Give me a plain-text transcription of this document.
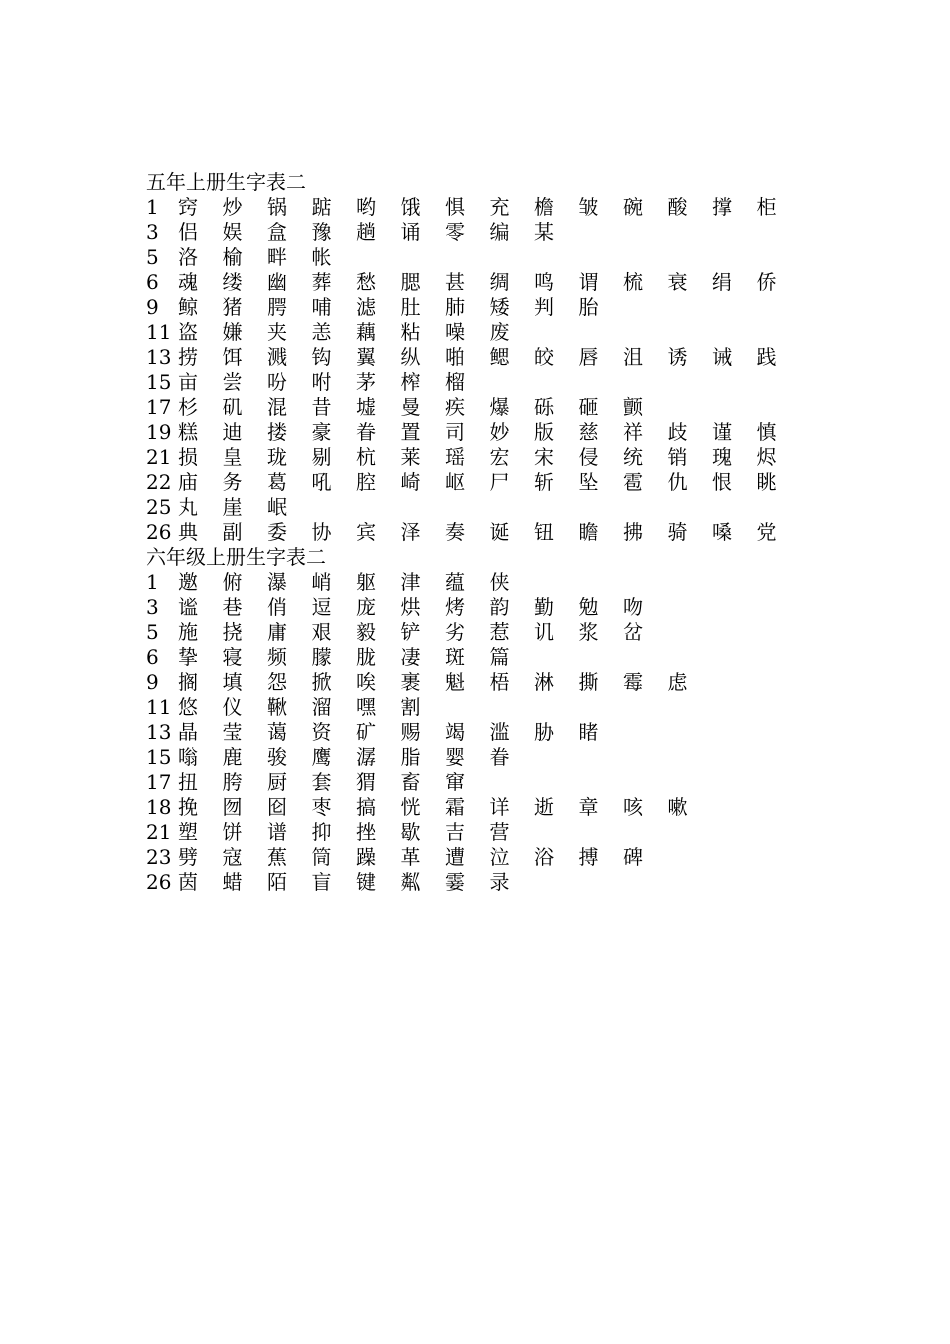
五年上册生字表二
1 窍 炒 锅 踮 哟 饿 惧 充 檐 皱 碗 酸 撑 柜
3 侣 娱 盒 豫 趟 诵 零 编 某
5 洛 榆 畔 帐
6 魂 缕 幽 葬 愁 腮 甚 绸 鸣 谓 梳 衰 绢 侨
9 鲸 猪 腭 哺 滤 肚 肺 矮 判 胎
11 盗 嫌 夹 恙 藕 粘 噪 废
13 捞 饵 溅 钩 翼 纵 啪 鳃 皎 唇 沮 诱 诫 践
15 亩 尝 吩 咐 茅 榨 榴
17 杉 矶 混 昔 墟 曼 疾 爆 砾 砸 颤
19 糕 迪 搂 豪 眷 置 司 妙 版 慈 祥 歧 谨 慎
21 损 皇 珑 剔 杭 莱 瑶 宏 宋 侵 统 销 瑰 烬
22 庙 务 葛 吼 腔 崎 岖 尸 斩 坠 雹 仇 恨 眺
25 丸 崖 岷
26 典 副 委 协 宾 泽 奏 诞 钮 瞻 拂 骑 嗓 党
六年级上册生字表二
1 邀 俯 瀑 峭 躯 津 蕴 侠
3 谧 巷 俏 逗 庞 烘 烤 韵 勤 勉 吻
5 施 挠 庸 艰 毅 铲 劣 惹 讥 浆 岔
6 挚 寝 频 朦 胧 凄 斑 篇
9 搁 填 怨 掀 唉 裹 魁 梧 淋 撕 霉 虑
11 悠 仪 鞦 溜 嘿 割
13 晶 莹 蔼 资 矿 赐 竭 滥 胁 睹
15 嗡 鹿 骏 鹰 潺 脂 婴 眷
17 扭 胯 厨 套 猬 畜 窜
18 挽 囫 囵 枣 搞 恍 霜 详 逝 章 咳 嗽
21 塑 饼 谱 抑 挫 歇 吉 营
23 劈 寇 蕉 筒 躁 革 遭 泣 浴 搏 碑
26 茵 蜡 陌 盲 键 粼 霎 录
